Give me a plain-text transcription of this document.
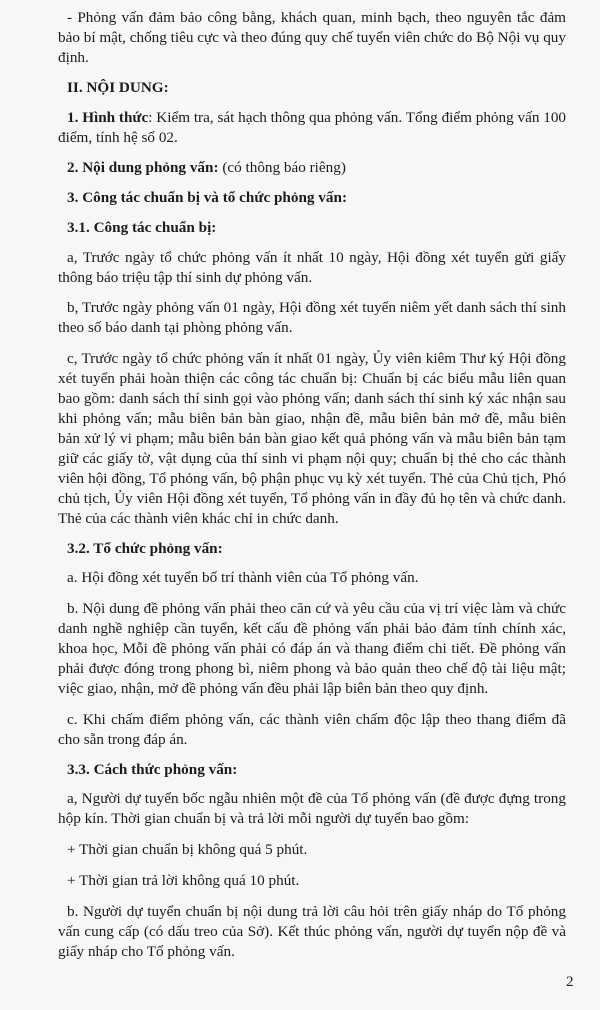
- Phỏng vấn đảm bảo công bằng, khách quan, minh bạch, theo nguyên tắc đảm bảo bí mật, chống tiêu cực và theo đúng quy chế tuyển viên chức do Bộ Nội vụ quy định.

II. NỘI DUNG:

1. Hình thức: Kiểm tra, sát hạch thông qua phỏng vấn. Tổng điểm phỏng vấn 100 điểm, tính hệ số 02.

2. Nội dung phỏng vấn: (có thông báo riêng)

3. Công tác chuẩn bị và tổ chức phỏng vấn:

3.1. Công tác chuẩn bị:

a, Trước ngày tổ chức phỏng vấn ít nhất 10 ngày, Hội đồng xét tuyển gửi giấy thông báo triệu tập thí sinh dự phỏng vấn.

b, Trước ngày phỏng vấn 01 ngày, Hội đồng xét tuyển niêm yết danh sách thí sinh theo số báo danh tại phòng phỏng vấn.

c, Trước ngày tổ chức phỏng vấn ít nhất 01 ngày, Ủy viên kiêm Thư ký Hội đồng xét tuyển phải hoàn thiện các công tác chuẩn bị: Chuẩn bị các biểu mẫu liên quan bao gồm: danh sách thí sinh gọi vào phỏng vấn; danh sách thí sinh ký xác nhận sau khi phỏng vấn; mẫu biên bản bàn giao, nhận đề, mẫu biên bản mở đề, mẫu biên bản xử lý vi phạm; mẫu biên bản bàn giao kết quả phỏng vấn và mẫu biên bản tạm giữ các giấy tờ, vật dụng của thí sinh vi phạm nội quy; chuẩn bị thẻ cho các thành viên hội đồng, Tổ phỏng vấn, bộ phận phục vụ kỳ xét tuyển. Thẻ của Chủ tịch, Phó chủ tịch, Ủy viên Hội đồng xét tuyển, Tổ phỏng vấn in đầy đủ họ tên và chức danh. Thẻ của các thành viên khác chỉ in chức danh.

3.2. Tổ chức phỏng vấn:

a. Hội đồng xét tuyển bố trí thành viên của Tổ phỏng vấn.

b. Nội dung đề phỏng vấn phải theo căn cứ và yêu cầu của vị trí việc làm và chức danh nghề nghiệp cần tuyển, kết cấu đề phỏng vấn phải bảo đảm tính chính xác, khoa học, Mỗi đề phỏng vấn phải có đáp án và thang điểm chi tiết. Đề phỏng vấn phải được đóng trong phong bì, niêm phong và bảo quản theo chế độ tài liệu mật; việc giao, nhận, mở đề phỏng vấn đều phải lập biên bản theo quy định.

c. Khi chấm điểm phỏng vấn, các thành viên chấm độc lập theo thang điểm đã cho sẵn trong đáp án.

3.3. Cách thức phỏng vấn:

a, Người dự tuyển bốc ngẫu nhiên một đề của Tổ phỏng vấn (đề được đựng trong hộp kín. Thời gian chuẩn bị và trả lời mỗi người dự tuyển bao gồm:

+ Thời gian chuẩn bị không quá 5 phút.

+ Thời gian trả lời không quá 10 phút.

b. Người dự tuyển chuẩn bị nội dung trả lời câu hỏi trên giấy nháp do Tổ phỏng vấn cung cấp (có dấu treo của Sở). Kết thúc phỏng vấn, người dự tuyển nộp đề và giấy nháp cho Tổ phỏng vấn.

2
